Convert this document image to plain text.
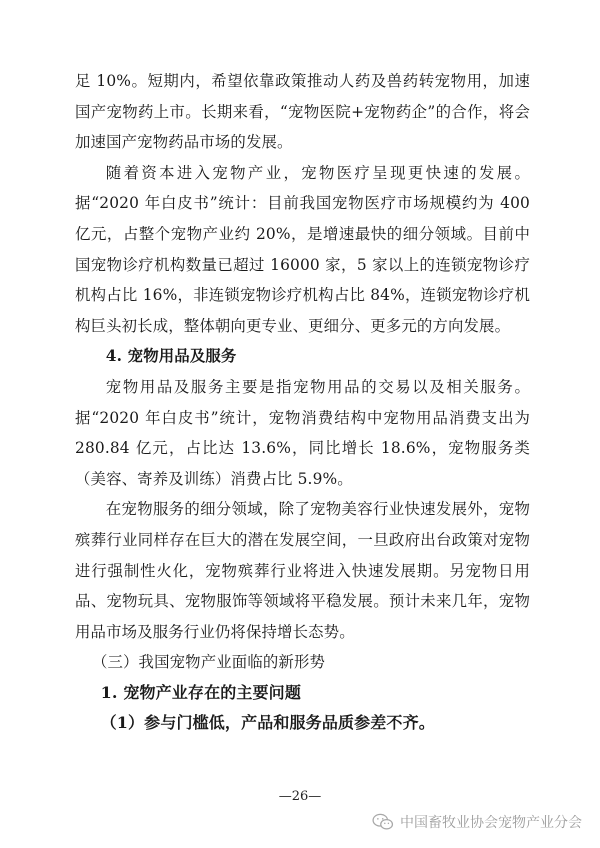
足 10%。短期内，希望依靠政策推动人药及兽药转宠物用，加速国产宠物药上市。长期来看，“宠物医院+宠物药企”的合作，将会加速国产宠物药品市场的发展。

随着资本进入宠物产业，宠物医疗呈现更快速的发展。据“2020 年白皮书”统计：目前我国宠物医疗市场规模约为 400 亿元，占整个宠物产业约 20%，是增速最快的细分领域。目前中国宠物诊疗机构数量已超过 16000 家，5 家以上的连锁宠物诊疗机构占比 16%，非连锁宠物诊疗机构占比 84%，连锁宠物诊疗机构巨头初长成，整体朝向更专业、更细分、更多元的方向发展。

4. 宠物用品及服务

宠物用品及服务主要是指宠物用品的交易以及相关服务。据“2020 年白皮书”统计，宠物消费结构中宠物用品消费支出为 280.84 亿元，占比达 13.6%，同比增长 18.6%，宠物服务类（美容、寄养及训练）消费占比 5.9%。

在宠物服务的细分领域，除了宠物美容行业快速发展外，宠物殡葬行业同样存在巨大的潜在发展空间，一旦政府出台政策对宠物进行强制性火化，宠物殡葬行业将进入快速发展期。另宠物日用品、宠物玩具、宠物服饰等领域将平稳发展。预计未来几年，宠物用品市场及服务行业仍将保持增长态势。

（三）我国宠物产业面临的新形势

1. 宠物产业存在的主要问题

（1）参与门槛低，产品和服务品质参差不齐。

—26—
中国畜牧业协会宠物产业分会
